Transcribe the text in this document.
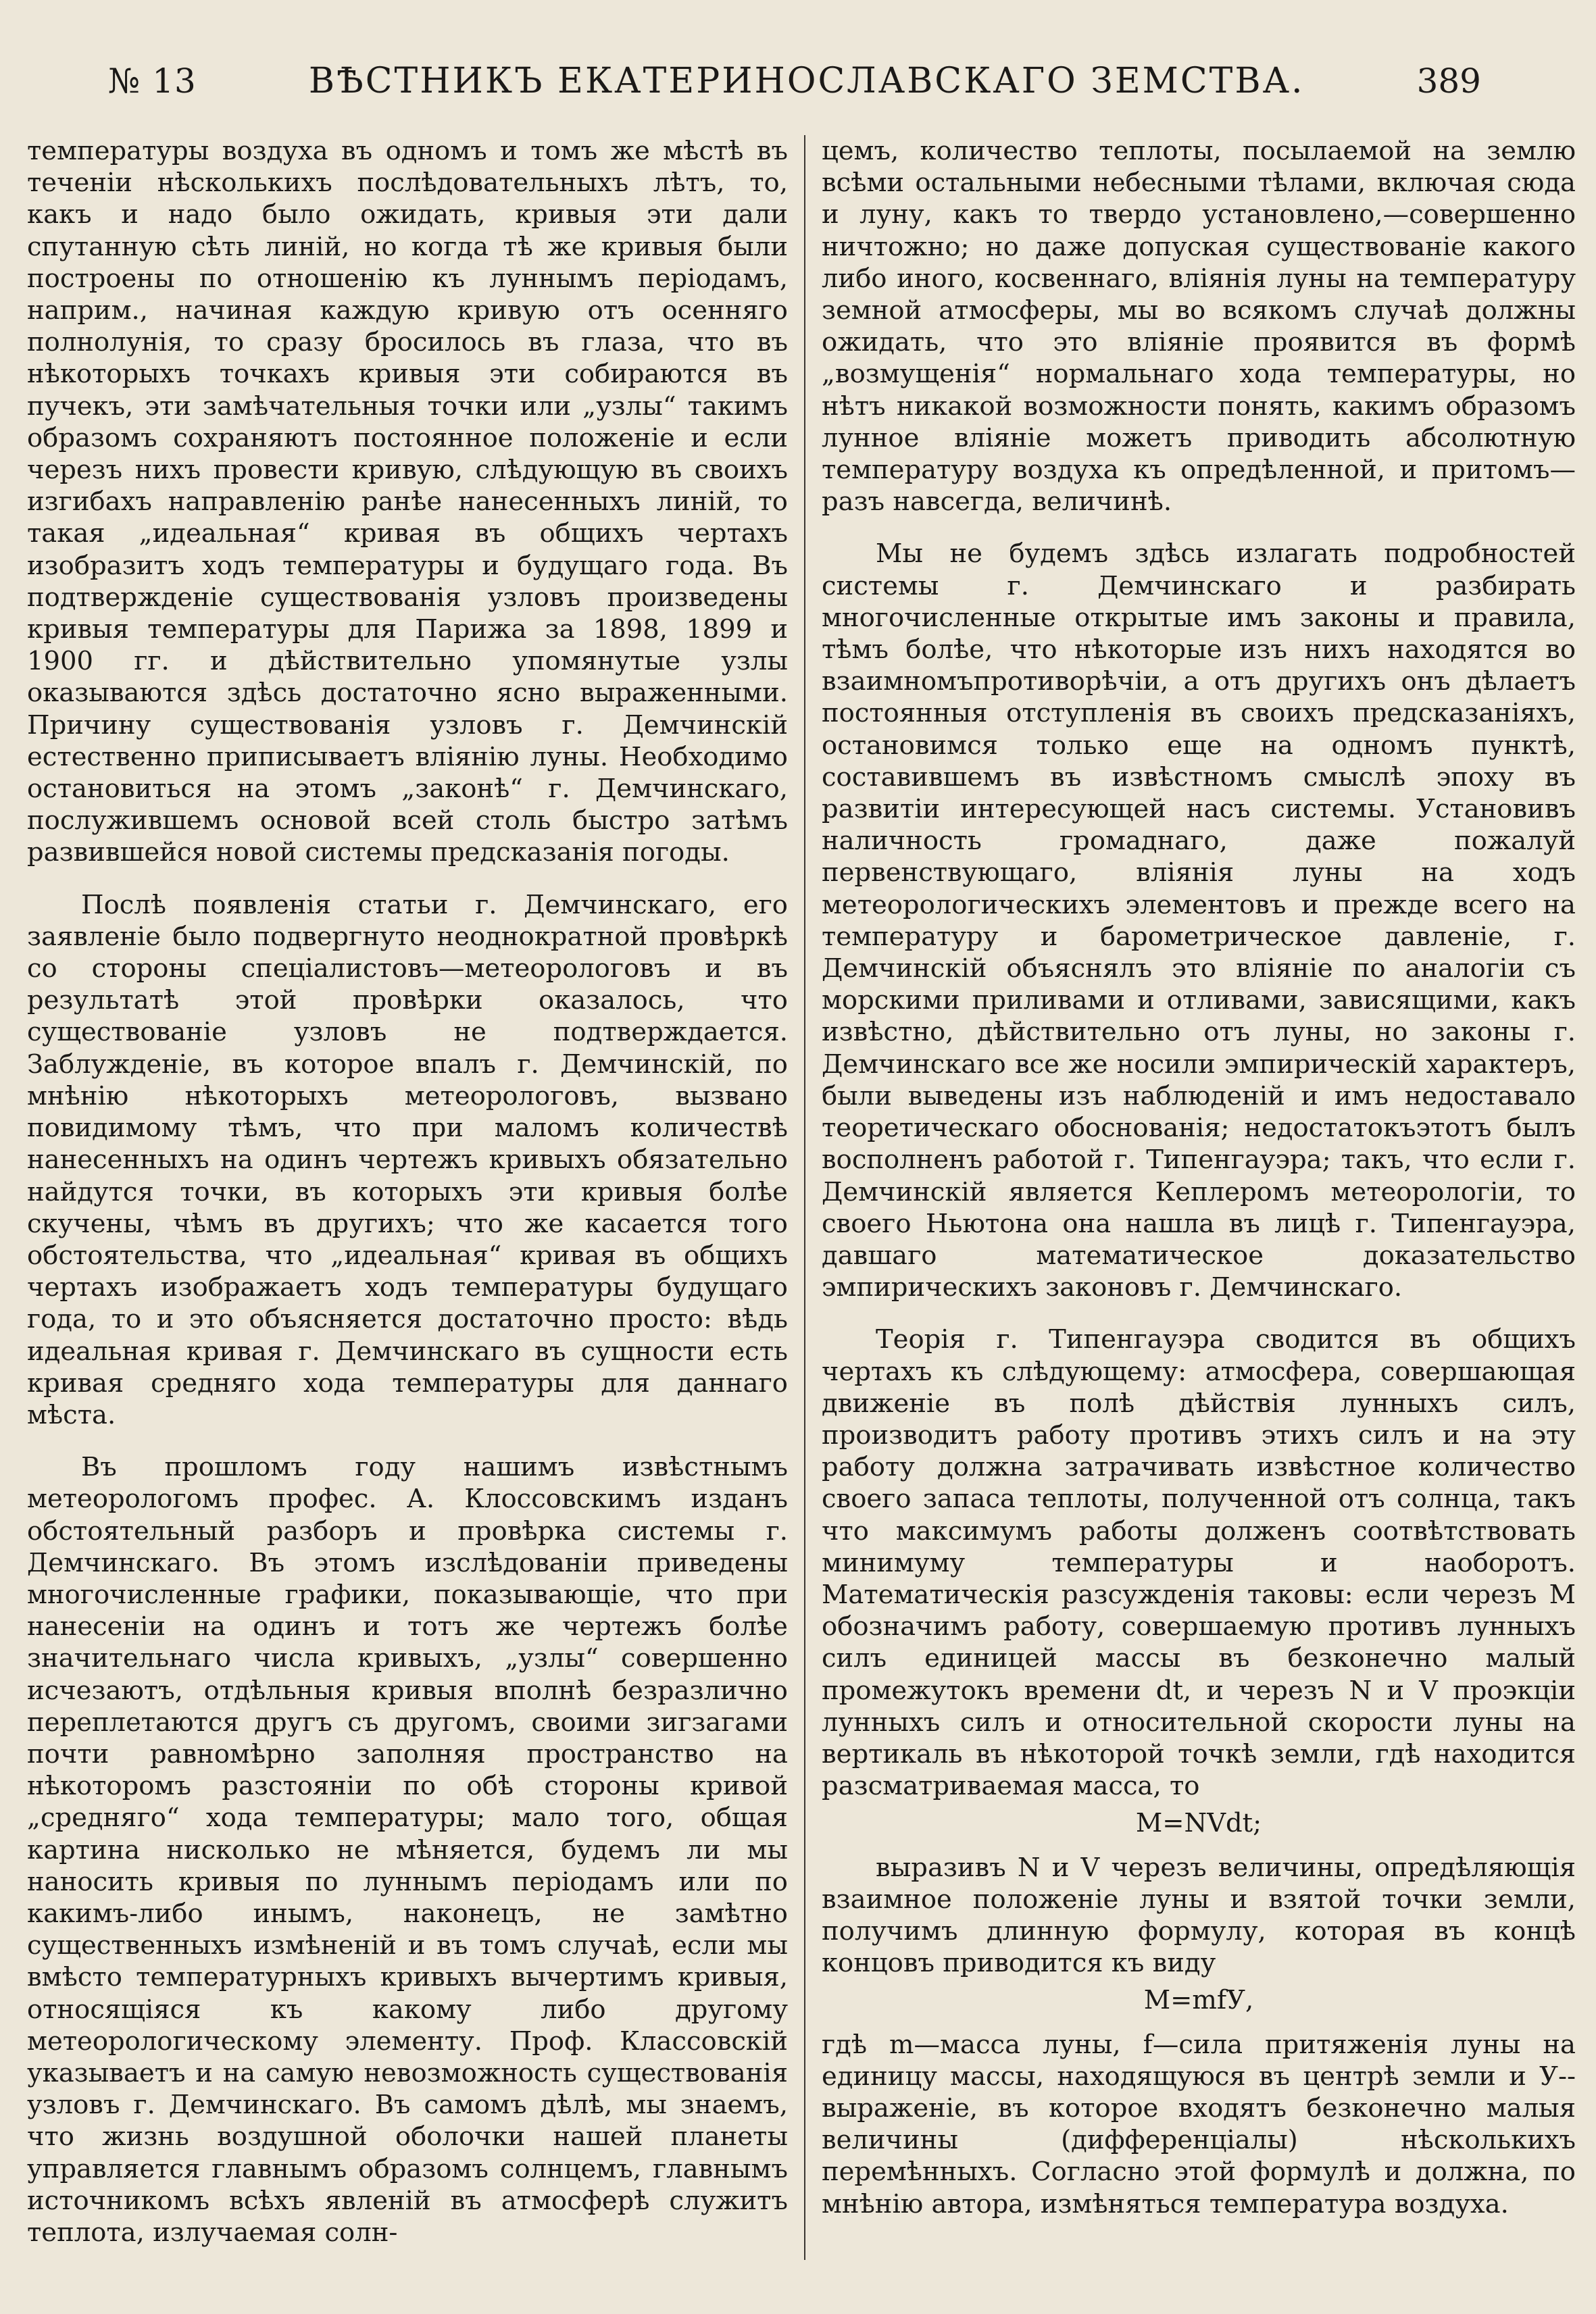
№ 13	ВѢСТНИКЪ ЕКАТЕРИНОСЛАВСКАГО ЗЕМСТВА.	389

температуры воздуха въ одномъ и томъ же мѣстѣ въ теченіи нѣсколькихъ послѣдовательныхъ лѣтъ, то, какъ и надо было ожидать, кривыя эти дали спутанную сѣть линій, но когда тѣ же кривыя были построены по отношенію къ луннымъ періодамъ, наприм., начиная каждую кривую отъ осенняго полнолунія, то сразу бросилось въ глаза, что въ нѣкоторыхъ точкахъ кривыя эти собираются въ пучекъ, эти замѣчательныя точки или „узлы“ такимъ образомъ сохраняютъ постоянное положеніе и если черезъ нихъ провести кривую, слѣдующую въ своихъ изгибахъ направленію ранѣе нанесенныхъ линій, то такая „идеальная“ кривая въ общихъ чертахъ изобразитъ ходъ температуры и будущаго года. Въ подтвержденіе существованія узловъ произведены кривыя температуры для Парижа за 1898, 1899 и 1900 гг. и дѣйствительно упомянутые узлы оказываются здѣсь достаточно ясно выраженными. Причину существованія узловъ г. Демчинскій естественно приписываетъ вліянію луны. Необходимо остановиться на этомъ „законѣ“ г. Демчинскаго, послужившемъ основой всей столь быстро затѣмъ развившейся новой системы предсказанія погоды.

Послѣ появленія статьи г. Демчинскаго, его заявленіе было подвергнуто неоднократной провѣркѣ со стороны спеціалистовъ—метеорологовъ и въ результатѣ этой провѣрки оказалось, что существованіе узловъ не подтверждается. Заблужденіе, въ которое впалъ г. Демчинскій, по мнѣнію нѣкоторыхъ метеорологовъ, вызвано повидимому тѣмъ, что при маломъ количествѣ нанесенныхъ на одинъ чертежъ кривыхъ обязательно найдутся точки, въ которыхъ эти кривыя болѣе скучены, чѣмъ въ другихъ; что же касается того обстоятельства, что „идеальная“ кривая въ общихъ чертахъ изображаетъ ходъ температуры будущаго года, то и это объясняется достаточно просто: вѣдь идеальная кривая г. Демчинскаго въ сущности есть кривая средняго хода температуры для даннаго мѣста.

Въ прошломъ году нашимъ извѣстнымъ метеорологомъ профес. А. Клоссовскимъ изданъ обстоятельный разборъ и провѣрка системы г. Демчинскаго. Въ этомъ изслѣдованіи приведены многочисленные графики, показывающіе, что при нанесеніи на одинъ и тотъ же чертежъ болѣе значительнаго числа кривыхъ, „узлы“ совершенно исчезаютъ, отдѣльныя кривыя вполнѣ безразлично переплетаются другъ съ другомъ, своими зигзагами почти равномѣрно заполняя пространство на нѣкоторомъ разстояніи по обѣ стороны кривой „средняго“ хода температуры; мало того, общая картина нисколько не мѣняется, будемъ ли мы наносить кривыя по луннымъ періодамъ или по какимъ-либо инымъ, наконецъ, не замѣтно существенныхъ измѣненій и въ томъ случаѣ, если мы вмѣсто температурныхъ кривыхъ вычертимъ кривыя, относящіяся къ какому либо другому метеорологическому элементу. Проф. Классовскій указываетъ и на самую невозможность существованія узловъ г. Демчинскаго. Въ самомъ дѣлѣ, мы знаемъ, что жизнь воздушной оболочки нашей планеты управляется главнымъ образомъ солнцемъ, главнымъ источникомъ всѣхъ явленій въ атмосферѣ служитъ теплота, излучаемая солн-

цемъ, количество теплоты, посылаемой на землю всѣми остальными небесными тѣлами, включая сюда и луну, какъ то твердо установлено,—совершенно ничтожно; но даже допуская существованіе какого либо иного, косвеннаго, вліянія луны на температуру земной атмосферы, мы во всякомъ случаѣ должны ожидать, что это вліяніе проявится въ формѣ „возмущенія“ нормальнаго хода температуры, но нѣтъ никакой возможности понять, какимъ образомъ лунное вліяніе можетъ приводить абсолютную температуру воздуха къ опредѣленной, и притомъ—разъ навсегда, величинѣ.

Мы не будемъ здѣсь излагать подробностей системы г. Демчинскаго и разбирать многочисленные открытые имъ законы и правила, тѣмъ болѣе, что нѣкоторые изъ нихъ находятся во взаимномъпротиворѣчіи, а отъ другихъ онъ дѣлаетъ постоянныя отступленія въ своихъ предсказаніяхъ, остановимся только еще на одномъ пунктѣ, составившемъ въ извѣстномъ смыслѣ эпоху въ развитіи интересующей насъ системы. Установивъ наличность громаднаго, даже пожалуй первенствующаго, вліянія луны на ходъ метеорологическихъ элементовъ и прежде всего на температуру и барометрическое давленіе, г. Демчинскій объяснялъ это вліяніе по аналогіи съ морскими приливами и отливами, зависящими, какъ извѣстно, дѣйствительно отъ луны, но законы г. Демчинскаго все же носили эмпирическій характеръ, были выведены изъ наблюденій и имъ недоставало теоретическаго обоснованія; недостатокъэтотъ былъ восполненъ работой г. Типенгауэра; такъ, что если г. Демчинскій является Кеплеромъ метеорологіи, то своего Ньютона она нашла въ лицѣ г. Типенгауэра, давшаго математическое доказательство эмпирическихъ законовъ г. Демчинскаго.

Теорія г. Типенгауэра сводится въ общихъ чертахъ къ слѣдующему: атмосфера, совершающая движеніе въ полѣ дѣйствія лунныхъ силъ, производитъ работу противъ этихъ силъ и на эту работу должна затрачивать извѣстное количество своего запаса теплоты, полученной отъ солнца, такъ что максимумъ работы долженъ соотвѣтствовать минимуму температуры и наоборотъ. Математическія разсужденія таковы: если черезъ М обозначимъ работу, совершаемую противъ лунныхъ силъ единицей массы въ безконечно малый промежутокъ времени dt, и черезъ N и V проэкціи лунныхъ силъ и относительной скорости луны на вертикаль въ нѣкоторой точкѣ земли, гдѣ находится разсматриваемая масса, то

M=NVdt;

выразивъ N и V черезъ величины, опредѣляющія взаимное положеніе луны и взятой точки земли, получимъ длинную формулу, которая въ концѣ концовъ приводится къ виду

M=mfУ,

гдѣ m—масса луны, f—сила притяженія луны на единицу массы, находящуюся въ центрѣ земли и У--выраженіе, въ которое входятъ безконечно малыя величины (дифференціалы) нѣсколькихъ перемѣнныхъ. Согласно этой формулѣ и должна, по мнѣнію автора, измѣняться температура воздуха.
